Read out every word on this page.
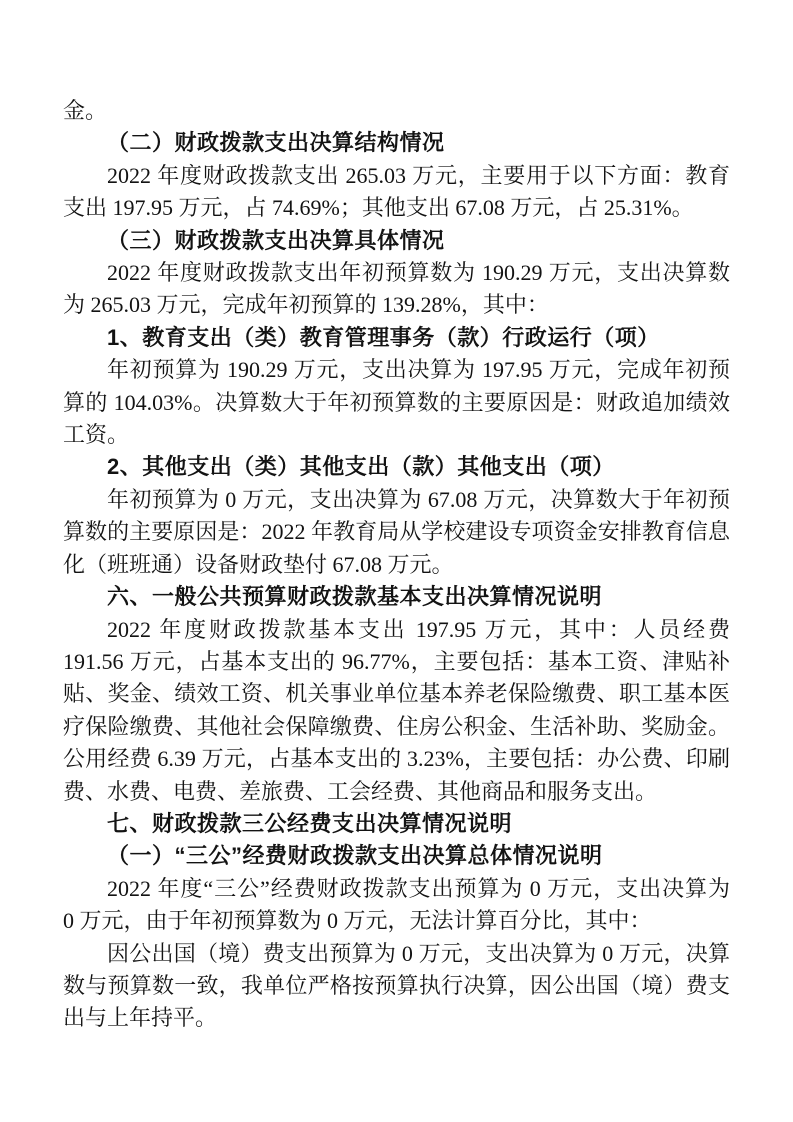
金。
（二）财政拨款支出决算结构情况
2022 年度财政拨款支出 265.03 万元，主要用于以下方面：教育
支出 197.95 万元，占 74.69%；其他支出 67.08 万元，占 25.31%。
（三）财政拨款支出决算具体情况
2022 年度财政拨款支出年初预算数为 190.29 万元，支出决算数
为 265.03 万元，完成年初预算的 139.28%，其中：
1、教育支出（类）教育管理事务（款）行政运行（项）
年初预算为 190.29 万元，支出决算为 197.95 万元，完成年初预
算的 104.03%。决算数大于年初预算数的主要原因是：财政追加绩效
工资。
2、其他支出（类）其他支出（款）其他支出（项）
年初预算为 0 万元，支出决算为 67.08 万元，决算数大于年初预
算数的主要原因是：2022 年教育局从学校建设专项资金安排教育信息
化（班班通）设备财政垫付 67.08 万元。
六、一般公共预算财政拨款基本支出决算情况说明
2022 年度财政拨款基本支出 197.95 万元，其中：人员经费
191.56 万元，占基本支出的 96.77%，主要包括：基本工资、津贴补
贴、奖金、绩效工资、机关事业单位基本养老保险缴费、职工基本医
疗保险缴费、其他社会保障缴费、住房公积金、生活补助、奖励金。
公用经费 6.39 万元，占基本支出的 3.23%，主要包括：办公费、印刷
费、水费、电费、差旅费、工会经费、其他商品和服务支出。
七、财政拨款三公经费支出决算情况说明
（一）“三公”经费财政拨款支出决算总体情况说明
2022 年度“三公”经费财政拨款支出预算为 0 万元，支出决算为
0 万元，由于年初预算数为 0 万元，无法计算百分比，其中：
因公出国（境）费支出预算为 0 万元，支出决算为 0 万元，决算
数与预算数一致，我单位严格按预算执行决算，因公出国（境）费支
出与上年持平。
